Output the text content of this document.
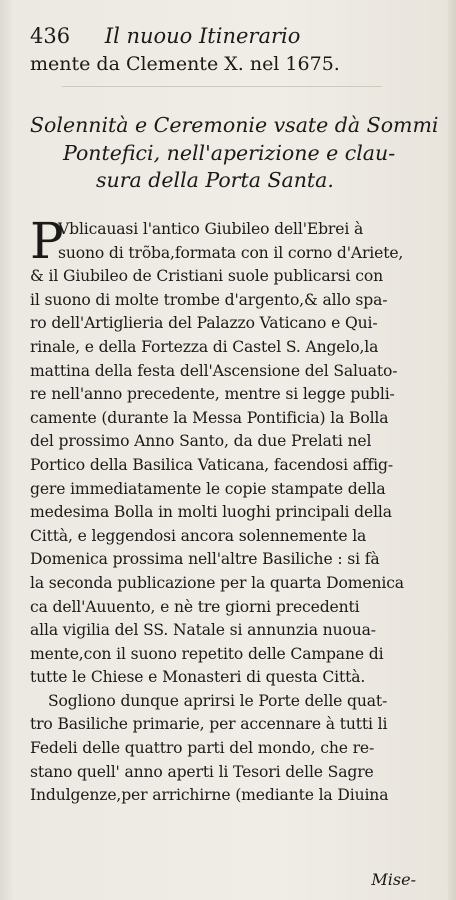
436 Il nuouo Itinerario
mente da Clemente X. nel 1675.
Solennità e Ceremonie vsate dà Sommi
Pontefici, nell'aperizione e clau-
sura della Porta Santa.
P
Vblicauasi l'antico Giubileo dell'Ebrei à
suono di trõba,formata con il corno d'Ariete,
& il Giubileo de Cristiani suole publicarsi con
il suono di molte trombe d'argento,& allo spa-
ro dell'Artiglieria del Palazzo Vaticano e Qui-
rinale, e della Fortezza di Castel S. Angelo,la
mattina della festa dell'Ascensione del Saluato-
re nell'anno precedente, mentre si legge publi-
camente (durante la Messa Pontificia) la Bolla
del prossimo Anno Santo, da due Prelati nel
Portico della Basilica Vaticana, facendosi affig-
gere immediatamente le copie stampate della
medesima Bolla in molti luoghi principali della
Città, e leggendosi ancora solennemente la
Domenica prossima nell'altre Basiliche : si fà
la seconda publicazione per la quarta Domenica
ca dell'Auuento, e nè tre giorni precedenti
alla vigilia del SS. Natale si annunzia nuoua-
mente,con il suono repetito delle Campane di
tutte le Chiese e Monasteri di questa Città.
Sogliono dunque aprirsi le Porte delle quat-
tro Basiliche primarie, per accennare à tutti li
Fedeli delle quattro parti del mondo, che re-
stano quell' anno aperti li Tesori delle Sagre
Indulgenze,per arrichirne (mediante la Diuina
Mise-
